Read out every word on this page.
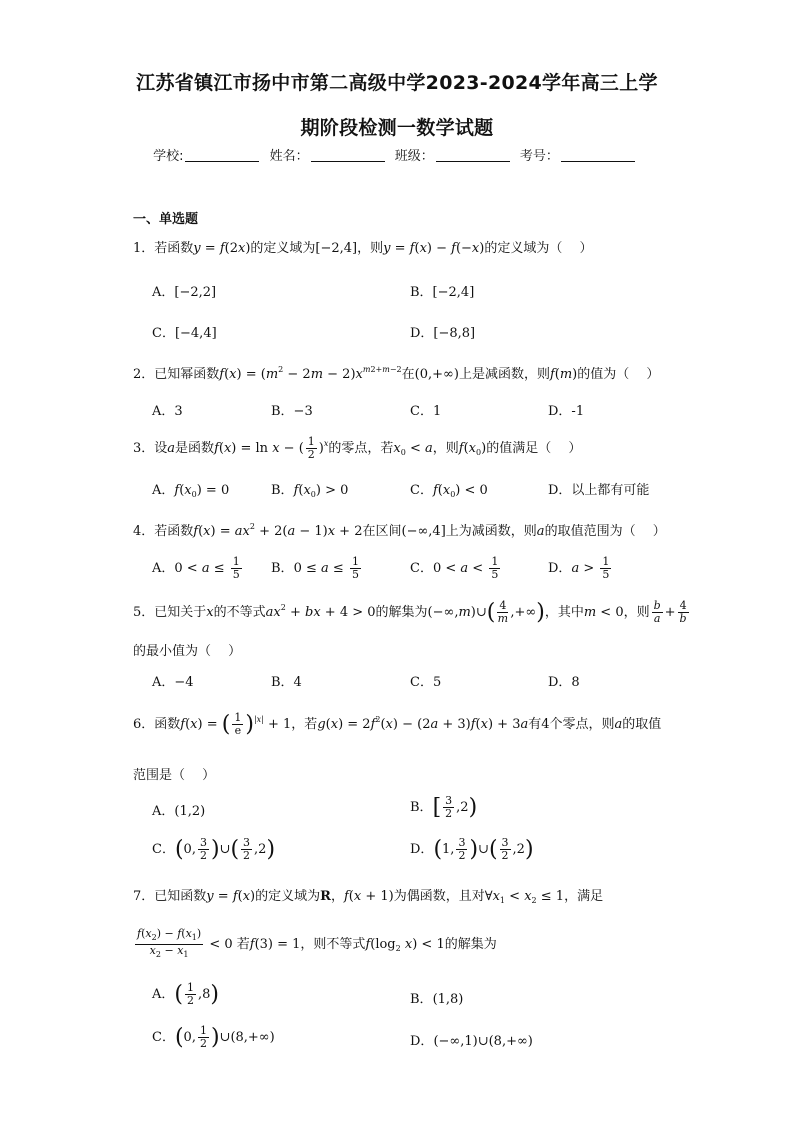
江苏省镇江市扬中市第二高级中学2023-2024学年高三上学
期阶段检测一数学试题
学校:	姓名：	班级：	考号：
一、单选题
1．若函数y = f(2x)的定义域为[−2,4]，则y = f(x) − f(−x)的定义域为（　 ）
A．[−2,2]	B．[−2,4]
C．[−4,4]	D．[−8,8]
2．已知幂函数$f(x) = (m^2 - 2m - 2)x^{m2+m-2}$在(0,+∞)上是减函数，则f(m)的值为（　 ）
A．3	B．−3	C．1	D．-1
3．设a是函数f(x) = ln x − ( $\frac{1}{2} )^x$的零点，若$x_0 < a$，则$f(x_0)$的值满足（　 ）
A．$f(x_0) = 0$	B．$f(x_0) > 0$	C．$f(x_0) < 0$	D．以上都有可能
4．若函数$f(x) = ax^2 + 2(a - 1)x + 2$在区间(−∞,4]上为减函数，则a的取值范围为（　 ）
A．$0 < a \le \frac{1}{5}$ B．$0 \le a \le \frac{1}{5}$	C．$0 < a < \frac{1}{5}$	D．$a > \frac{1}{5}$
5．已知关于x的不等式$ax^2$ + bx + 4 > 0的解集为(−∞,m)∪( $\frac{4}{m}$ ,+∞)，其中m < 0，则 $\frac{b}{a} + \frac{4}{b}$
的最小值为（　 ）
A．−4	B．4	C．5	D．8
6．函数f(x) = ( $\frac{1}{e} )^{|x|} + 1$，若$g(x) = 2f^2(x) - (2a + 3)f(x) + 3a$有4个零点，则a的取值
范围是（　 ）
A．(1,2)	B．[ $\frac{3}{2} ,2$)
C．(0, $\frac{3}{2}$ )∪( $\frac{3}{2} ,2$)	D．(1, $\frac{3}{2}$ )∪( $\frac{3}{2} ,2$)
7．已知函数y = f(x)的定义域为R，f(x + 1)为偶函数，且对$\forall x_1 < x_2 \le 1$，满足
$\frac{f(x_2) - f(x_1)}{x_2 - x_1} < 0$ 若f(3) = 1，则不等式$f(\log_2$ x) < 1的解集为
A．( $\frac{1}{2} ,8$)	B．(1,8)
C．(0, $\frac{1}{2}$ )∪(8,+∞)	D．(−∞,1)∪(8,+∞)
